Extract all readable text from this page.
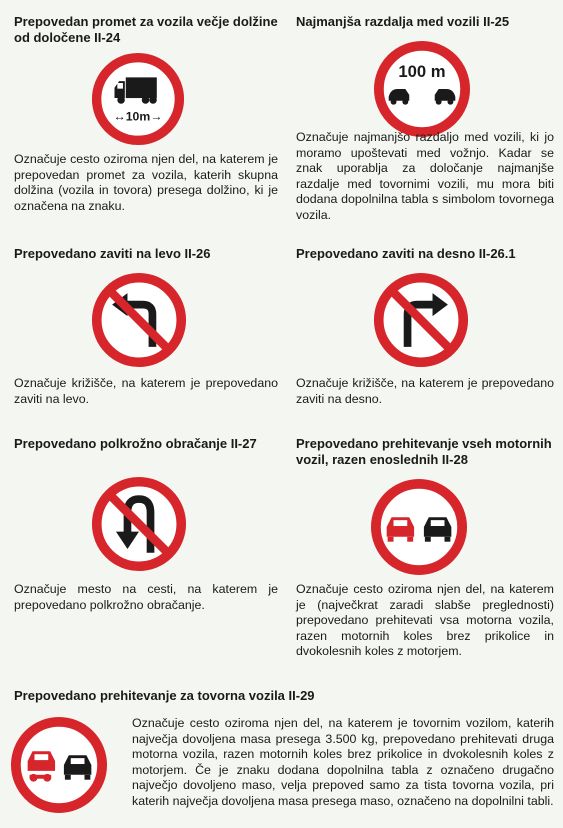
Prepovedan promet za vozila večje dolžine od določene II-24

↔10m→

Označuje cesto oziroma njen del, na katerem je prepovedan promet za vozila, katerih skupna dolžina (vozila in tovora) presega dolžino, ki je označena na znaku.

Najmanjša razdalja med vozili II-25

100 m

Označuje najmanjšo razdaljo med vozili, ki jo moramo upoštevati med vožnjo. Kadar se znak uporablja za določanje najmanjše razdalje med tovornimi vozili, mu mora biti dodana dopolnilna tabla s simbolom tovornega vozila.

Prepovedano zaviti na levo II-26

Označuje križišče, na katerem je prepovedano zaviti na levo.

Prepovedano zaviti na desno II-26.1

Označuje križišče, na katerem je prepovedano zaviti na desno.

Prepovedano polkrožno obračanje II-27

Označuje mesto na cesti, na katerem je prepovedano polkrožno obračanje.

Prepovedano prehitevanje vseh motornih vozil, razen enoslednih II-28

Označuje cesto oziroma njen del, na katerem je (največkrat zaradi slabše preglednosti) prepovedano prehitevati vsa motorna vozila, razen motornih koles brez prikolice in dvokolesnih koles z motorjem.

Prepovedano prehitevanje za tovorna vozila II-29

Označuje cesto oziroma njen del, na katerem je tovornim vozilom, katerih največja dovoljena masa presega 3.500 kg, prepovedano prehitevati druga motorna vozila, razen motornih koles brez prikolice in dvokolesnih koles z motorjem. Če je znaku dodana dopolnilna tabla z označeno drugačno največjo dovoljeno maso, velja prepoved samo za tista tovorna vozila, pri katerih največja dovoljena masa presega maso, označeno na dopolnilni tabli.
